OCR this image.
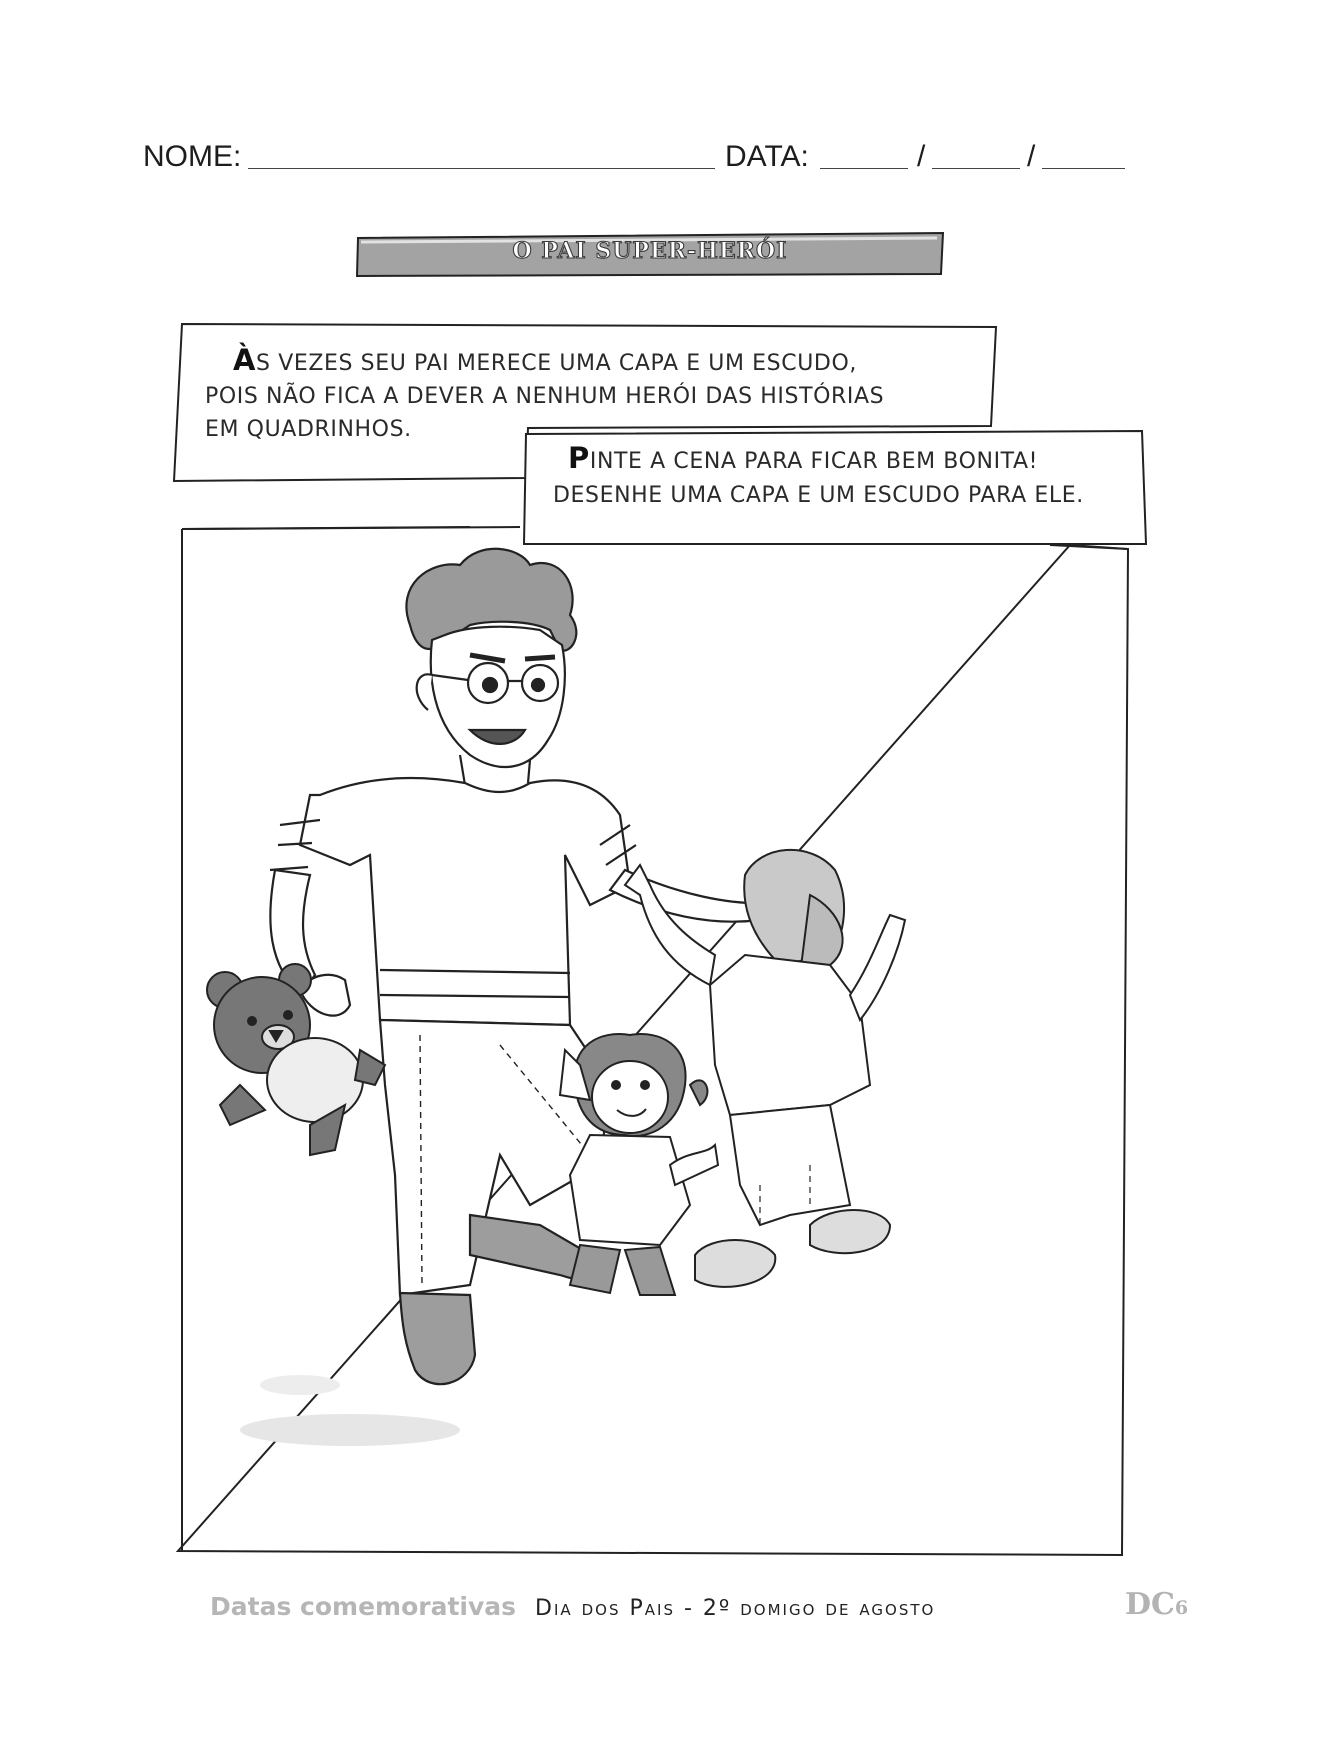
NOME:	DATA:	/	/
O PAI SUPER-HERÓI
ÀS VEZES SEU PAI MERECE UMA CAPA E UM ESCUDO,
POIS NÃO FICA A DEVER A NENHUM HERÓI DAS HISTÓRIAS
EM QUADRINHOS.
PINTE A CENA PARA FICAR BEM BONITA!
DESENHE UMA CAPA E UM ESCUDO PARA ELE.
Datas comemorativas Dia dos Pais - 2º domigo de agosto	DC6
